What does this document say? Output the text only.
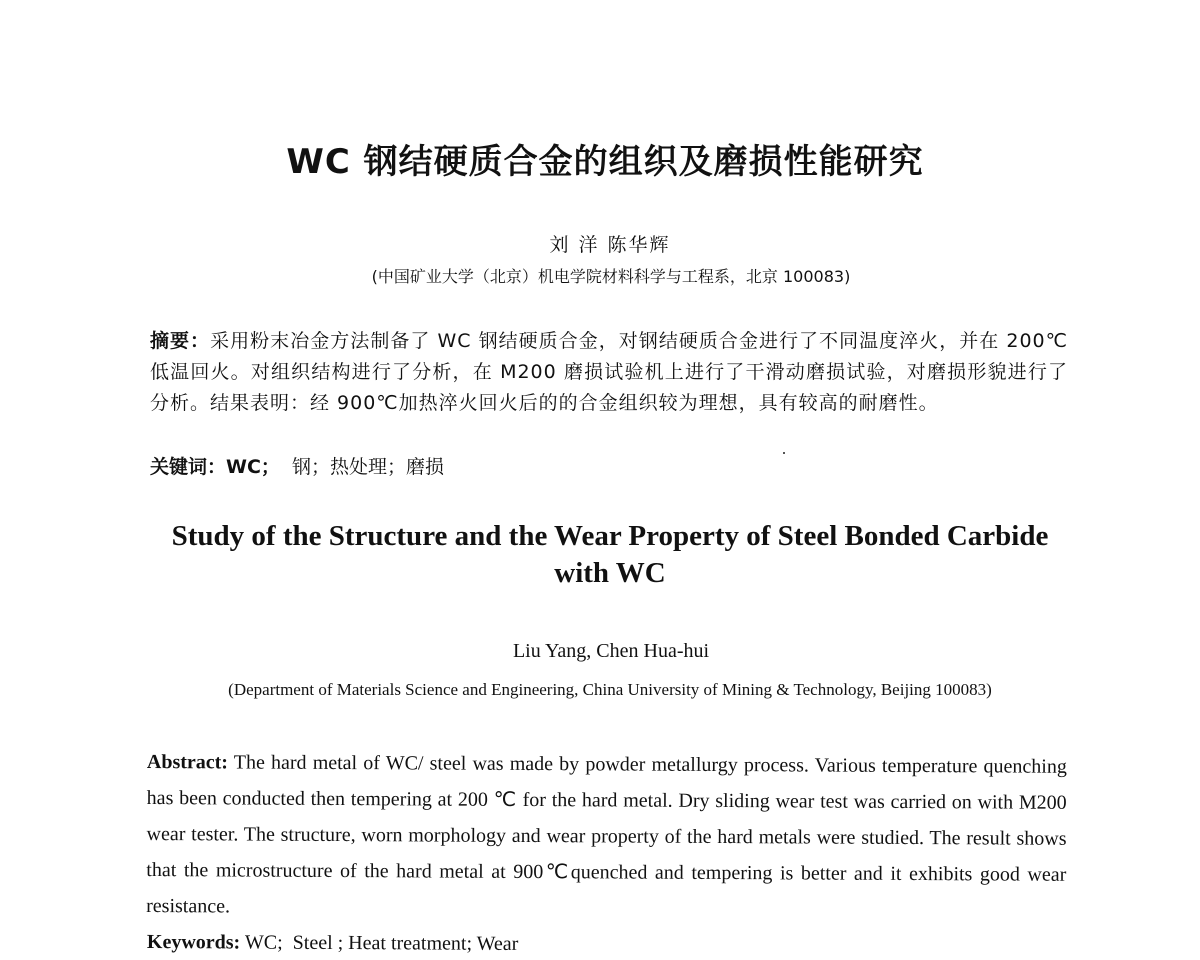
WC 钢结硬质合金的组织及磨损性能研究
刘 洋 陈华辉
(中国矿业大学（北京）机电学院材料科学与工程系，北京 100083)
摘要：采用粉末冶金方法制备了 WC 钢结硬质合金，对钢结硬质合金进行了不同温度淬火，并在 200℃低温回火。对组织结构进行了分析，在 M200 磨损试验机上进行了干滑动磨损试验，对磨损形貌进行了分析。结果表明：经 900℃加热淬火回火后的的合金组织较为理想，具有较高的耐磨性。
关键词：WC；  钢；热处理；磨损
Study of the Structure and the Wear Property of Steel Bonded Carbide with WC
Liu Yang, Chen Hua-hui
(Department of Materials Science and Engineering, China University of Mining & Technology, Beijing 100083)
Abstract: The hard metal of WC/ steel was made by powder metallurgy process. Various temperature quenching has been conducted then tempering at 200 ℃ for the hard metal. Dry sliding wear test was carried on with M200 wear tester. The structure, worn morphology and wear property of the hard metals were studied. The result shows that the microstructure of the hard metal at 900℃quenched and tempering is better and it exhibits good wear resistance.
Keywords: WC;  Steel ; Heat treatment; Wear
